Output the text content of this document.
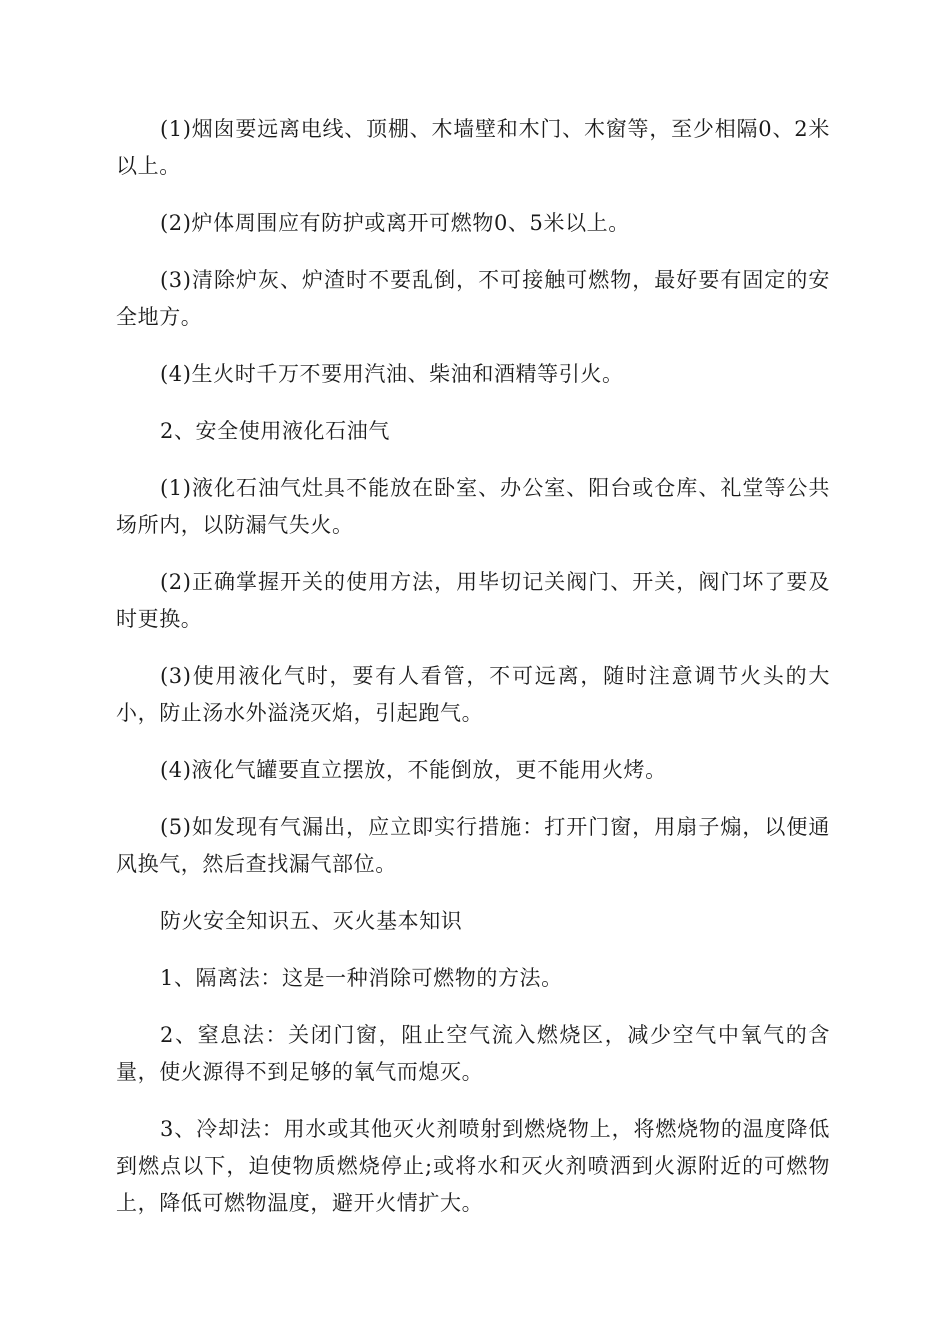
(1)烟囱要远离电线、顶棚、木墙壁和木门、木窗等，至少相隔0、2米以上。

(2)炉体周围应有防护或离开可燃物0、5米以上。

(3)清除炉灰、炉渣时不要乱倒，不可接触可燃物，最好要有固定的安全地方。

(4)生火时千万不要用汽油、柴油和酒精等引火。

2、安全使用液化石油气

(1)液化石油气灶具不能放在卧室、办公室、阳台或仓库、礼堂等公共场所内，以防漏气失火。

(2)正确掌握开关的使用方法，用毕切记关阀门、开关，阀门坏了要及时更换。

(3)使用液化气时，要有人看管，不可远离，随时注意调节火头的大小，防止汤水外溢浇灭焰，引起跑气。

(4)液化气罐要直立摆放，不能倒放，更不能用火烤。

(5)如发现有气漏出，应立即实行措施：打开门窗，用扇子煽，以便通风换气，然后查找漏气部位。

防火安全知识五、灭火基本知识

1、隔离法：这是一种消除可燃物的方法。

2、窒息法：关闭门窗，阻止空气流入燃烧区，减少空气中氧气的含量，使火源得不到足够的氧气而熄灭。

3、冷却法：用水或其他灭火剂喷射到燃烧物上，将燃烧物的温度降低到燃点以下，迫使物质燃烧停止;或将水和灭火剂喷洒到火源附近的可燃物上，降低可燃物温度，避开火情扩大。
